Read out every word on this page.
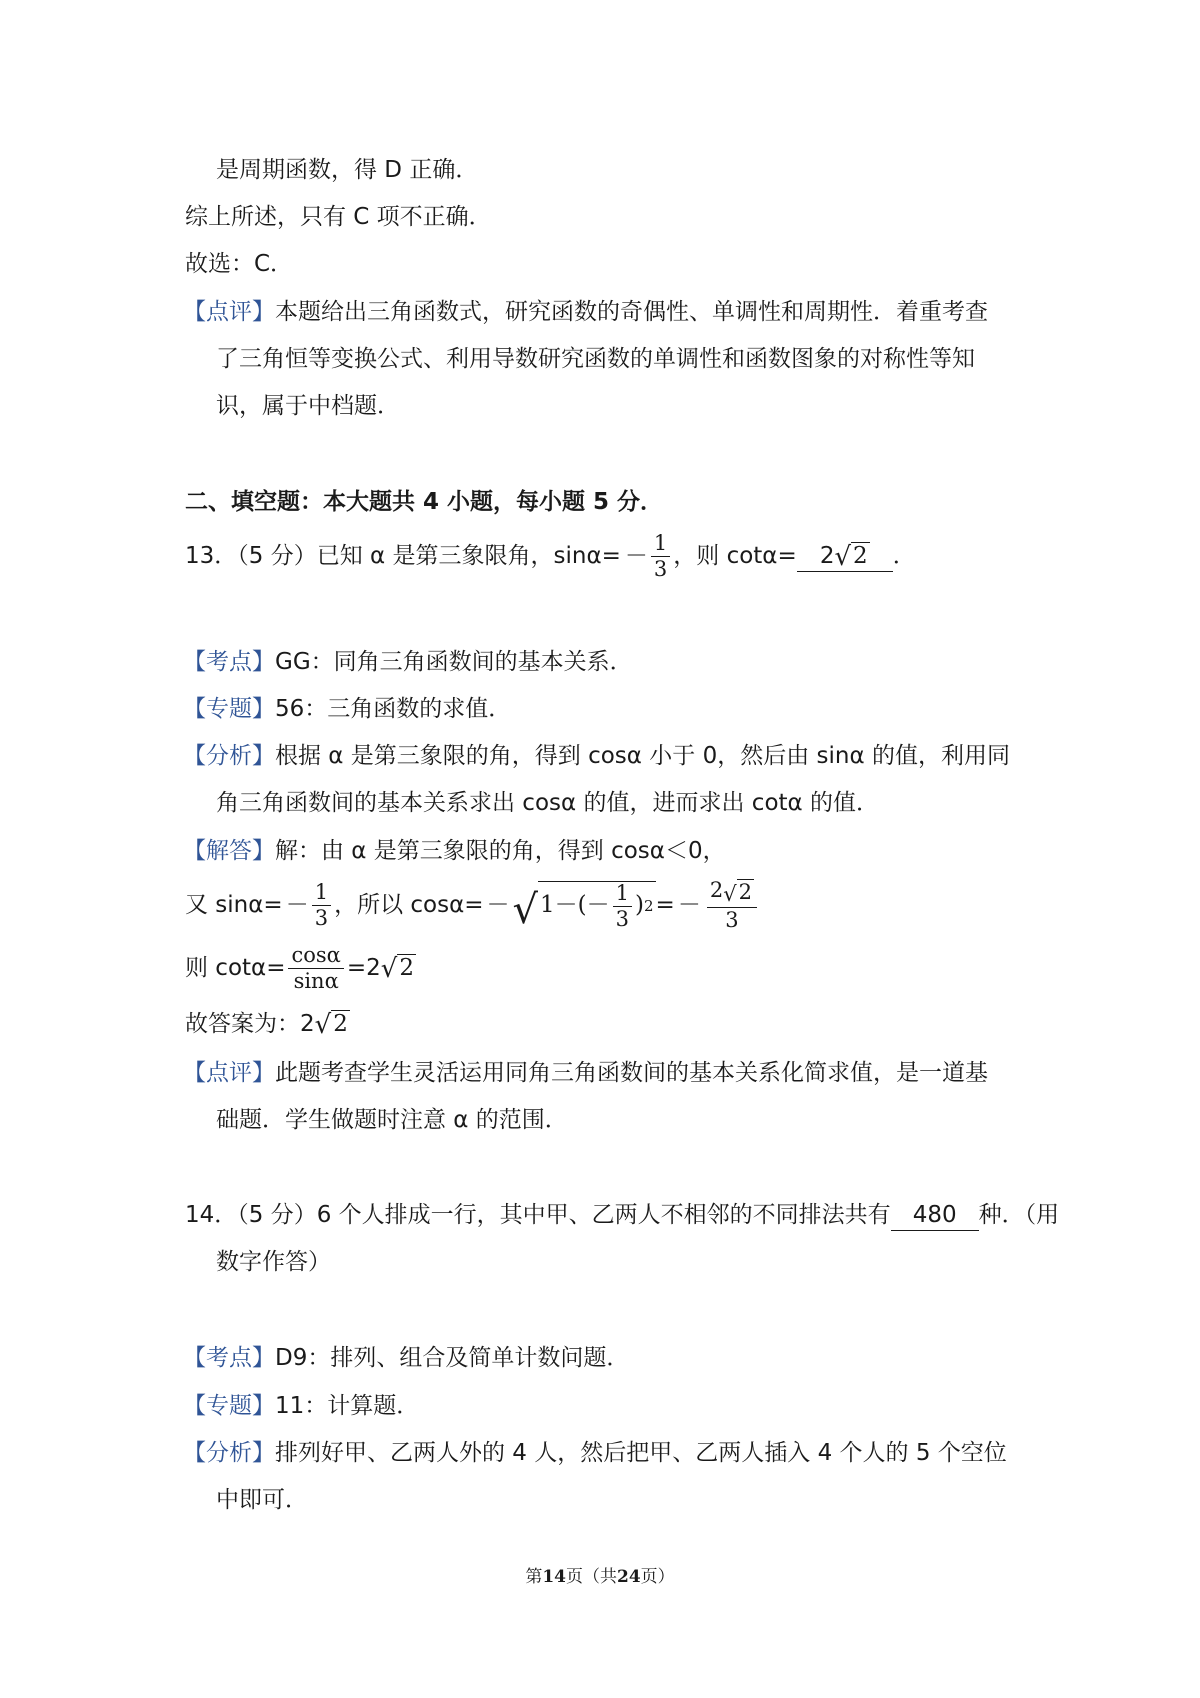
是周期函数，得 D 正确．
综上所述，只有 C 项不正确．
故选：C．
【点评】本题给出三角函数式，研究函数的奇偶性、单调性和周期性．着重考查
了三角恒等变换公式、利用导数研究函数的单调性和函数图象的对称性等知
识，属于中档题．
二、填空题：本大题共 4 小题，每小题 5 分．
13．（5 分）已知 α 是第三象限角，$\sin\alpha= - \frac{1}{3}$ ，则 cotα=	2 √ 2 ．
【考点】GG：同角三角函数间的基本关系．
【专题】56：三角函数的求值．
【分析】根据 α 是第三象限的角，得到 cosα 小于 0，然后由 sinα 的值，利用同
角三角函数间的基本关系求出 cosα 的值，进而求出 cotα 的值．
【解答】解：由 α 是第三象限的角，得到 cosα＜0，
又 $\sin\alpha= - \frac{1}{3}$ ，所以 cosα= － √ $1-(- \frac{1}{3}$ ) 2 = － $\frac{2 √ 2}{3}$
则 $\cot\alpha= \frac{\cos\alpha}{\sin\alpha} =2$ √ 2
故答案为：2 √ 2
【点评】此题考查学生灵活运用同角三角函数间的基本关系化简求值，是一道基
础题．学生做题时注意 α 的范围．
14．（5 分）6 个人排成一行，其中甲、乙两人不相邻的不同排法共有 480 种．（用
数字作答）
【考点】D9：排列、组合及简单计数问题．
【专题】11：计算题．
【分析】排列好甲、乙两人外的 4 人，然后把甲、乙两人插入 4 个人的 5 个空位
中即可．
第14页（共24页）
